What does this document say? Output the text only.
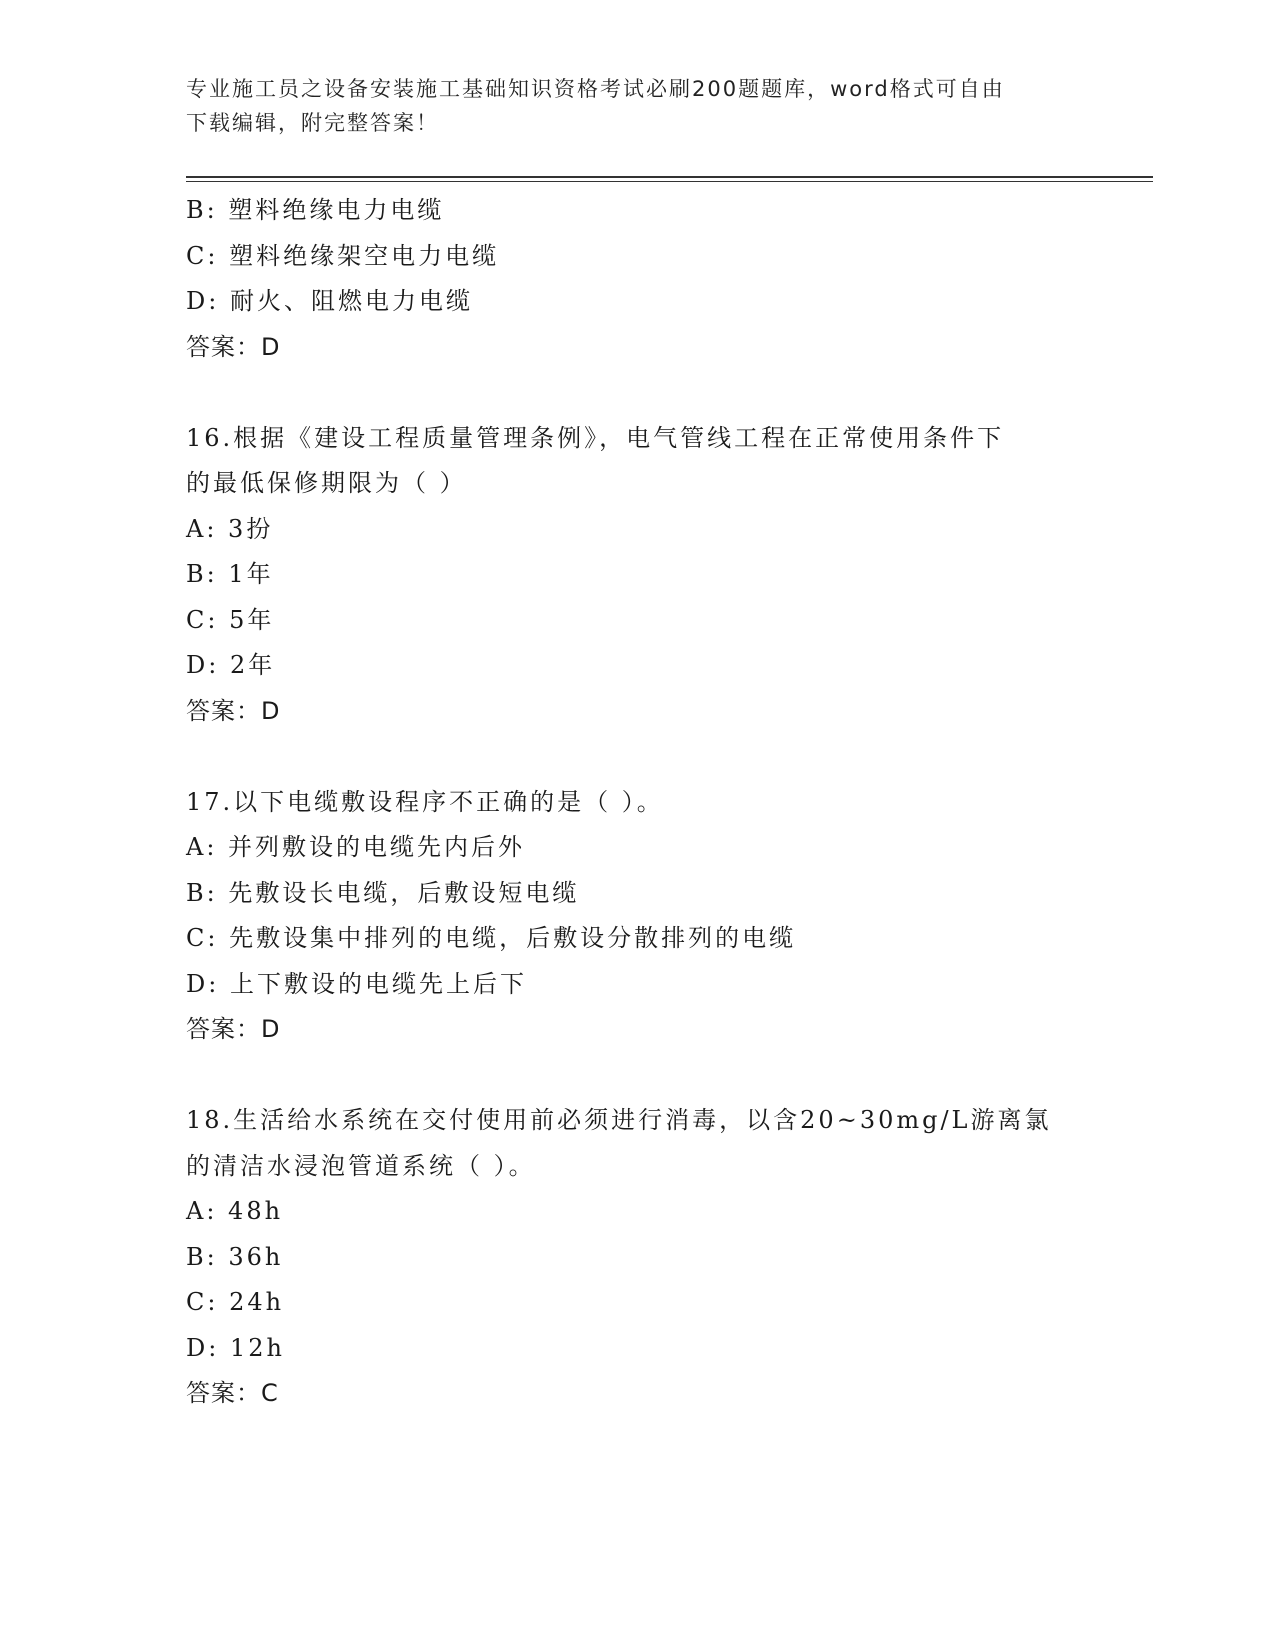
专业施工员之设备安装施工基础知识资格考试必刷200题题库，word格式可自由
下载编辑，附完整答案！
B: 塑料绝缘电力电缆
C: 塑料绝缘架空电力电缆
D: 耐火、阻燃电力电缆
答案：D
16.根据《建设工程质量管理条例》，电气管线工程在正常使用条件下
的最低保修期限为（ ）
A: 3扮
B: 1年
C: 5年
D: 2年
答案：D
17.以下电缆敷设程序不正确的是（ ）。
A: 并列敷设的电缆先内后外
B: 先敷设长电缆，后敷设短电缆
C: 先敷设集中排列的电缆，后敷设分散排列的电缆
D: 上下敷设的电缆先上后下
答案：D
18.生活给水系统在交付使用前必须进行消毒，以含20~30mg/L游离氯
的清洁水浸泡管道系统（ ）。
A: 48h
B: 36h
C: 24h
D: 12h
答案：C
